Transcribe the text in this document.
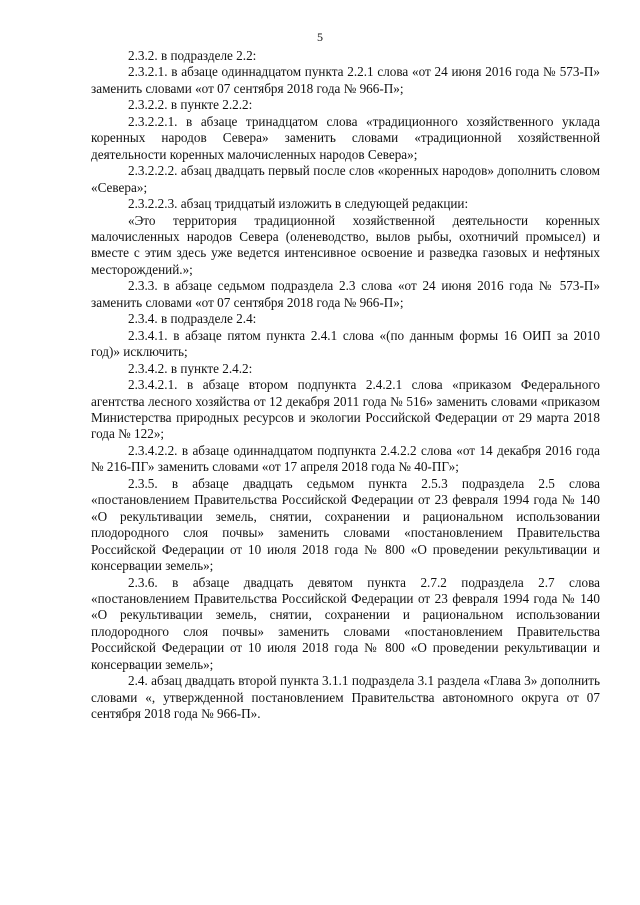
5

2.3.2. в подразделе 2.2:

2.3.2.1. в абзаце одиннадцатом пункта 2.2.1 слова «от 24 июня 2016 года № 573-П» заменить словами «от 07 сентября 2018 года № 966-П»;

2.3.2.2. в пункте 2.2.2:

2.3.2.2.1. в абзаце тринадцатом слова «традиционного хозяйственного уклада коренных народов Севера» заменить словами «традиционной хозяйственной деятельности коренных малочисленных народов Севера»;

2.3.2.2.2. абзац двадцать первый после слов «коренных народов» дополнить словом «Севера»;

2.3.2.2.3. абзац тридцатый изложить в следующей редакции:

«Это территория традиционной хозяйственной деятельности коренных малочисленных народов Севера (оленеводство, вылов рыбы, охотничий промысел) и вместе с этим здесь уже ведется интенсивное освоение и разведка газовых и нефтяных месторождений.»;

2.3.3. в абзаце седьмом подраздела 2.3 слова «от 24 июня 2016 года № 573-П» заменить словами «от 07 сентября 2018 года № 966-П»;

2.3.4. в подразделе 2.4:

2.3.4.1. в абзаце пятом пункта 2.4.1 слова «(по данным формы 16 ОИП за 2010 год)» исключить;

2.3.4.2. в пункте 2.4.2:

2.3.4.2.1. в абзаце втором подпункта 2.4.2.1 слова «приказом Федерального агентства лесного хозяйства от 12 декабря 2011 года № 516» заменить словами «приказом Министерства природных ресурсов и экологии Российской Федерации от 29 марта 2018 года № 122»;

2.3.4.2.2. в абзаце одиннадцатом подпункта 2.4.2.2 слова «от 14 декабря 2016 года № 216-ПГ» заменить словами «от 17 апреля 2018 года № 40-ПГ»;

2.3.5. в абзаце двадцать седьмом пункта 2.5.3 подраздела 2.5 слова «постановлением Правительства Российской Федерации от 23 февраля 1994 года № 140 «О рекультивации земель, снятии, сохранении и рациональном использовании плодородного слоя почвы» заменить словами «постановлением Правительства Российской Федерации от 10 июля 2018 года № 800 «О проведении рекультивации и консервации земель»;

2.3.6. в абзаце двадцать девятом пункта 2.7.2 подраздела 2.7 слова «постановлением Правительства Российской Федерации от 23 февраля 1994 года № 140 «О рекультивации земель, снятии, сохранении и рациональном использовании плодородного слоя почвы» заменить словами «постановлением Правительства Российской Федерации от 10 июля 2018 года № 800 «О проведении рекультивации и консервации земель»;

2.4. абзац двадцать второй пункта 3.1.1 подраздела 3.1 раздела «Глава 3» дополнить словами «, утвержденной постановлением Правительства автономного округа от 07 сентября 2018 года № 966-П».
